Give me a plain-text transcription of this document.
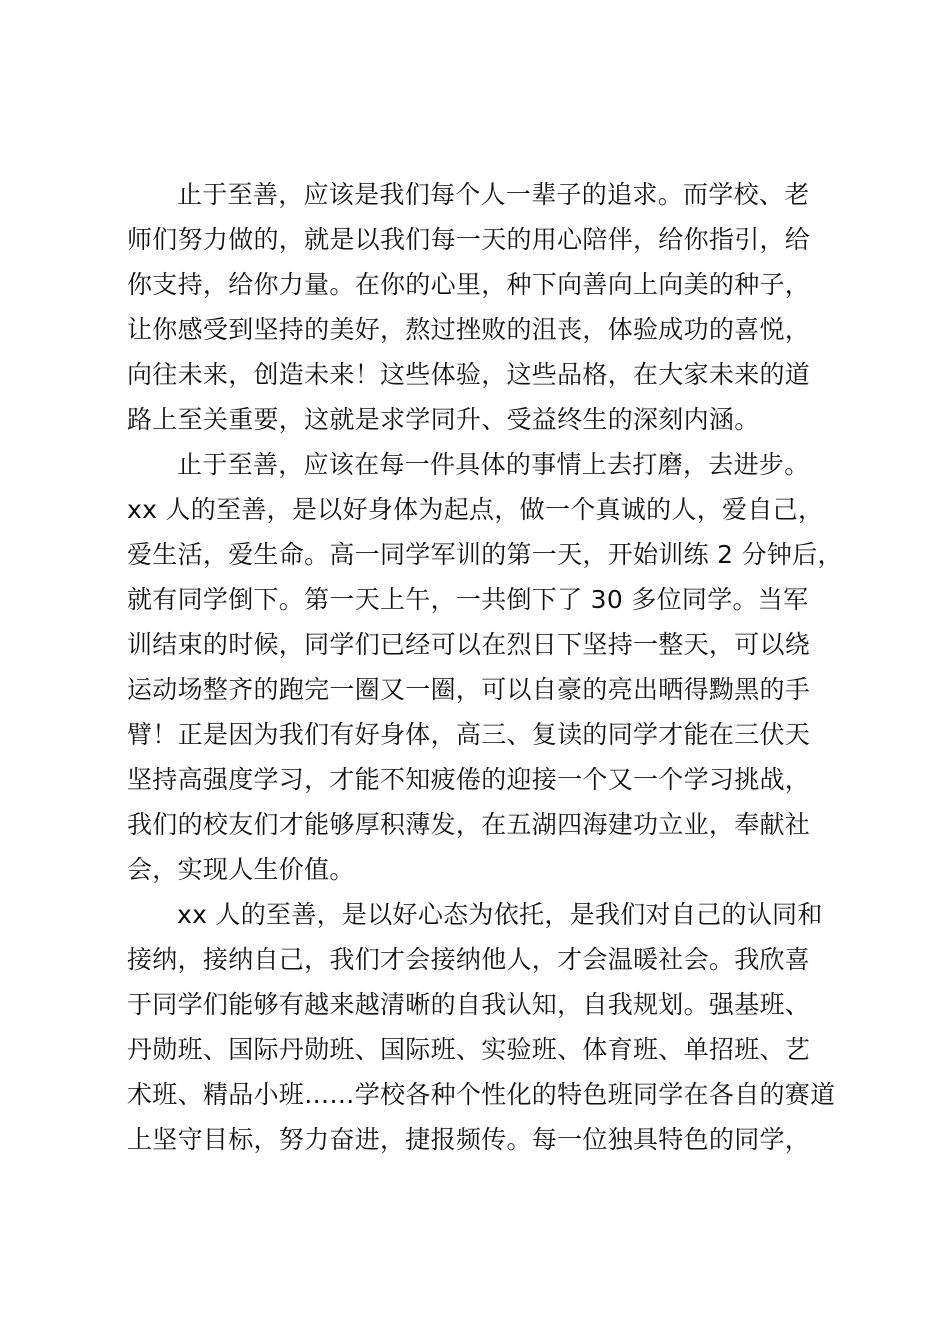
止于至善，应该是我们每个人一辈子的追求。而学校、老
师们努力做的，就是以我们每一天的用心陪伴，给你指引，给
你支持，给你力量。在你的心里，种下向善向上向美的种子，
让你感受到坚持的美好，熬过挫败的沮丧，体验成功的喜悦，
向往未来，创造未来！这些体验，这些品格，在大家未来的道
路上至关重要，这就是求学同升、受益终生的深刻内涵。

止于至善，应该在每一件具体的事情上去打磨，去进步。
xx 人的至善，是以好身体为起点，做一个真诚的人，爱自己，
爱生活，爱生命。高一同学军训的第一天，开始训练 2 分钟后，
就有同学倒下。第一天上午，一共倒下了 30 多位同学。当军
训结束的时候，同学们已经可以在烈日下坚持一整天，可以绕
运动场整齐的跑完一圈又一圈，可以自豪的亮出晒得黝黑的手
臂！正是因为我们有好身体，高三、复读的同学才能在三伏天
坚持高强度学习，才能不知疲倦的迎接一个又一个学习挑战，
我们的校友们才能够厚积薄发，在五湖四海建功立业，奉献社
会，实现人生价值。

xx 人的至善，是以好心态为依托，是我们对自己的认同和
接纳，接纳自己，我们才会接纳他人，才会温暖社会。我欣喜
于同学们能够有越来越清晰的自我认知，自我规划。强基班、
丹勋班、国际丹勋班、国际班、实验班、体育班、单招班、艺
术班、精品小班……学校各种个性化的特色班同学在各自的赛道
上坚守目标，努力奋进，捷报频传。每一位独具特色的同学，
